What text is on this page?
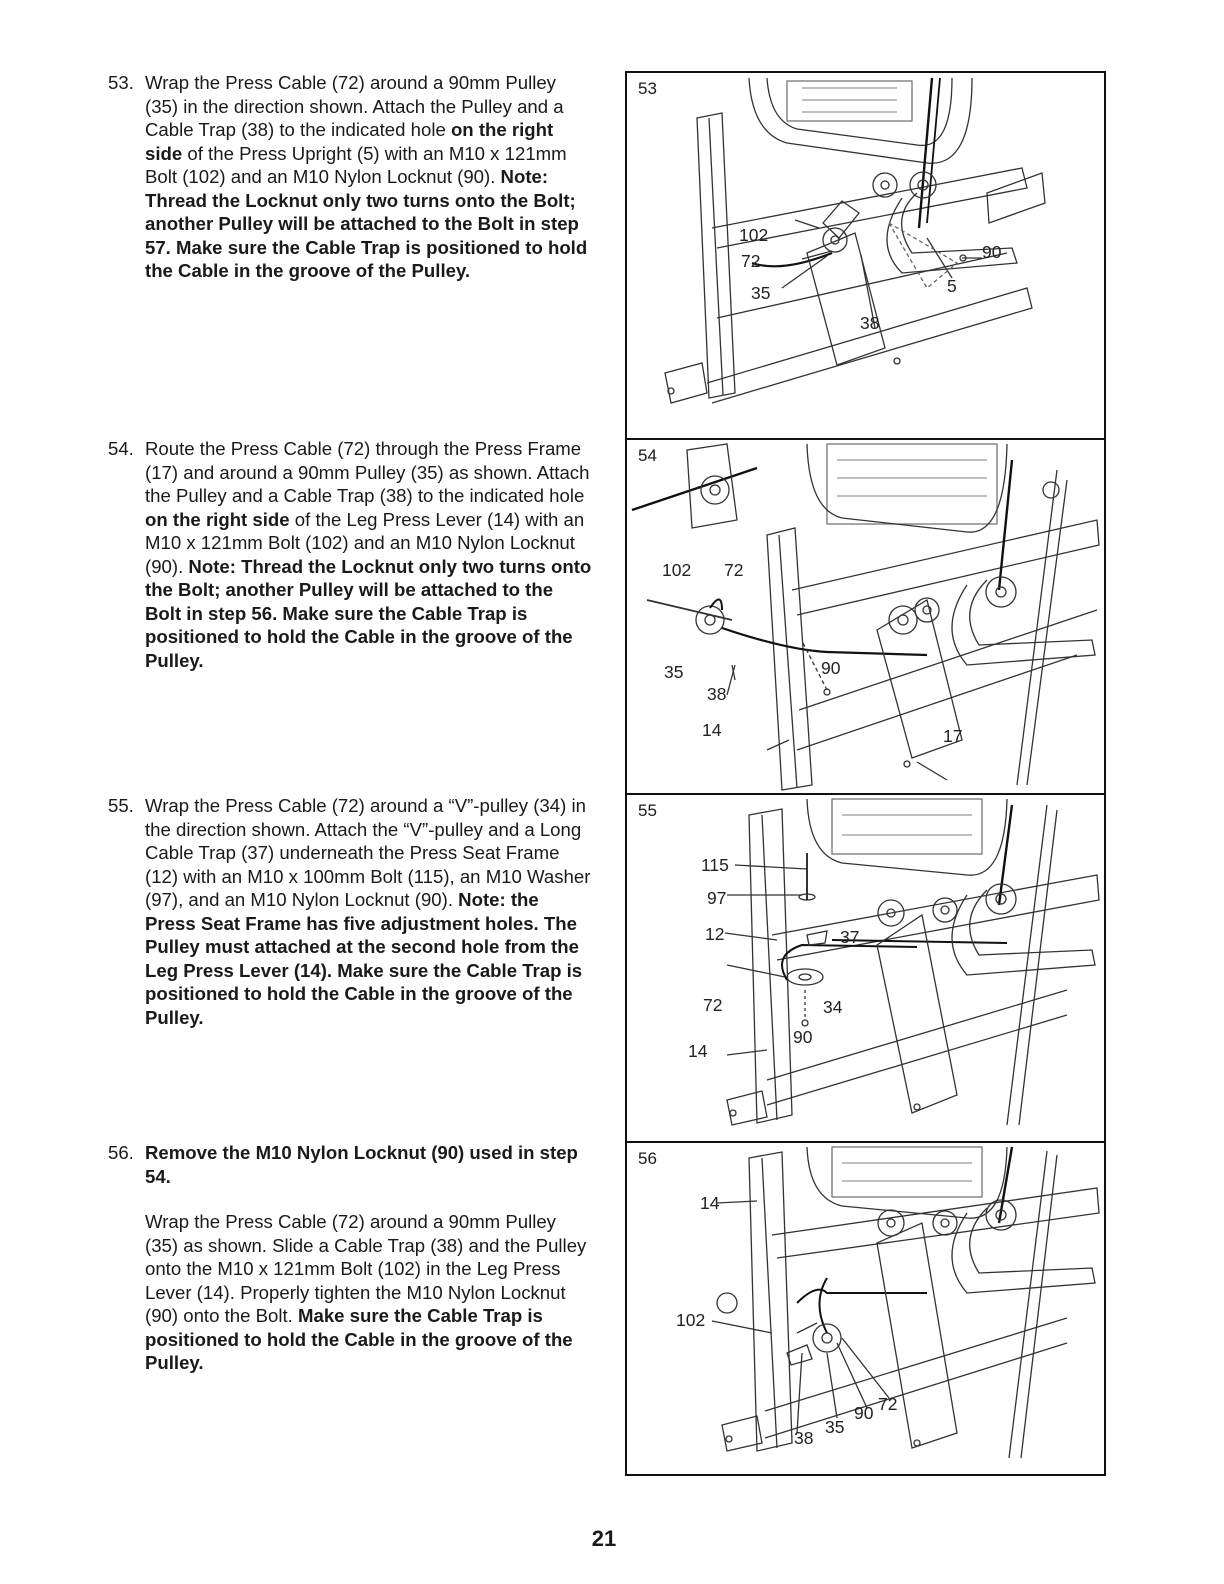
53. Wrap the Press Cable (72) around a 90mm Pulley (35) in the direction shown. Attach the Pulley and a Cable Trap (38) to the indicated hole on the right side of the Press Upright (5) with an M10 x 121mm Bolt (102) and an M10 Nylon Locknut (90). Note: Thread the Locknut only two turns onto the Bolt; another Pulley will be attached to the Bolt in step 57. Make sure the Cable Trap is positioned to hold the Cable in the groove of the Pulley.

54. Route the Press Cable (72) through the Press Frame (17) and around a 90mm Pulley (35) as shown. Attach the Pulley and a Cable Trap (38) to the indicated hole on the right side of the Leg Press Lever (14) with an M10 x 121mm Bolt (102) and an M10 Nylon Locknut (90). Note: Thread the Locknut only two turns onto the Bolt; another Pulley will be attached to the Bolt in step 56. Make sure the Cable Trap is positioned to hold the Cable in the groove of the Pulley.

55. Wrap the Press Cable (72) around a “V”-pulley (34) in the direction shown. Attach the “V”-pulley and a Long Cable Trap (37) underneath the Press Seat Frame (12) with an M10 x 100mm Bolt (115), an M10 Washer (97), and an M10 Nylon Locknut (90). Note: the Press Seat Frame has five adjustment holes. The Pulley must attached at the second hole from the Leg Press Lever (14). Make sure the Cable Trap is positioned to hold the Cable in the groove of the Pulley.

56. Remove the M10 Nylon Locknut (90) used in step 54.

Wrap the Press Cable (72) around a 90mm Pulley (35) as shown. Slide a Cable Trap (38) and the Pulley onto the M10 x 121mm Bolt (102) in the Leg Press Lever (14). Properly tighten the M10 Nylon Locknut (90) onto the Bolt. Make sure the Cable Trap is positioned to hold the Cable in the groove of the Pulley.

53
102
72
35
38
5
90
54
102 72
35
38
14
90
17
55
115
97
12	37
72	34
90
14
56
14
102
90 72
35
38
21
